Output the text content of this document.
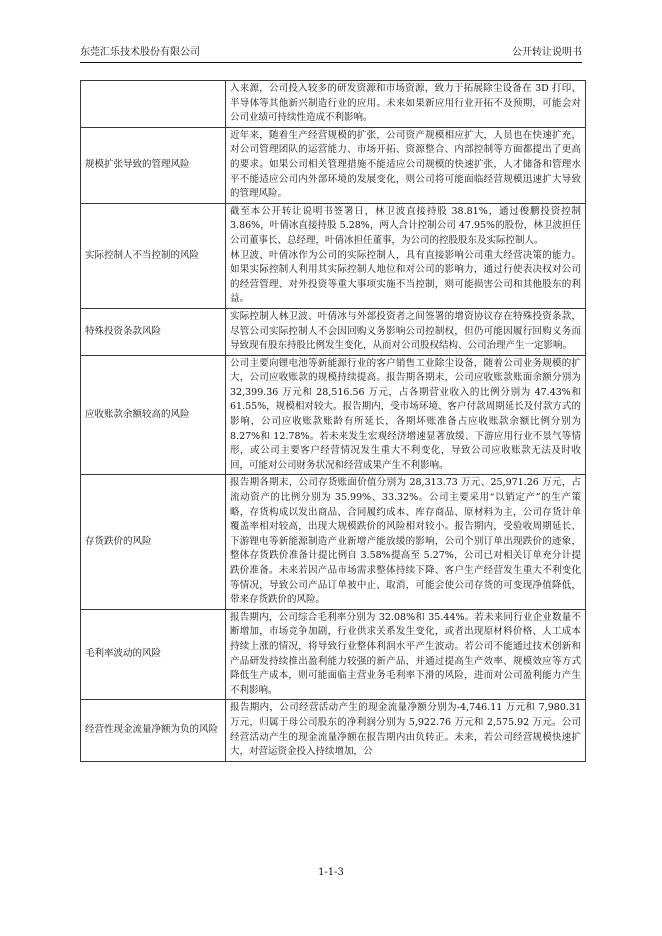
东莞汇乐技术股份有限公司	公开转让说明书

	入来源，公司投入较多的研发资源和市场资源，致力于拓展除尘设备在 3D 打印、半导体等其他新兴制造行业的应用。未来如果新应用行业开拓不及预期，可能会对公司业绩可持续性造成不利影响。

规模扩张导致的管理风险	近年来，随着生产经营规模的扩张，公司资产规模相应扩大，人员也在快速扩充，对公司管理团队的运营能力、市场开拓、资源整合、内部控制等方面都提出了更高的要求。如果公司相关管理措施不能适应公司规模的快速扩张，人才储备和管理水平不能适应公司内外部环境的发展变化，则公司将可能面临经营规模迅速扩大导致的管理风险。

实际控制人不当控制的风险	截至本公开转让说明书签署日，林卫波直接持股 38.81%，通过俊鹏投资控制 3.86%，叶倩冰直接持股 5.28%，两人合计控制公司 47.95%的股份，林卫波担任公司董事长、总经理，叶倩冰担任董事，为公司的控股股东及实际控制人。

林卫波、叶倩冰作为公司的实际控制人，具有直接影响公司重大经营决策的能力。如果实际控制人利用其实际控制人地位和对公司的影响力，通过行使表决权对公司的经营管理、对外投资等重大事项实施不当控制，则可能损害公司和其他股东的利益。

特殊投资条款风险	实际控制人林卫波、叶倩冰与外部投资者之间签署的增资协议存在特殊投资条款，尽管公司实际控制人不会因回购义务影响公司控制权，但仍可能因履行回购义务而导致现有股东持股比例发生变化，从而对公司股权结构、公司治理产生一定影响。

应收账款余额较高的风险	公司主要向锂电池等新能源行业的客户销售工业除尘设备，随着公司业务规模的扩大，公司应收账款的规模持续提高。报告期各期末，公司应收账款账面余额分别为 32,399.36 万元和 28,516.56 万元，占各期营业收入的比例分别为 47.43%和 61.55%，规模相对较大。报告期内，受市场环境、客户付款周期延长及付款方式的影响，公司应收账款账龄有所延长，各期坏账准备占应收账款余额比例分别为 8.27%和 12.78%。若未来发生宏观经济增速显著放缓、下游应用行业不景气等情形，或公司主要客户经营情况发生重大不利变化，导致公司应收账款无法及时收回，可能对公司财务状况和经营成果产生不利影响。

存货跌价的风险	报告期各期末，公司存货账面价值分别为 28,313.73 万元、25,971.26 万元，占流动资产的比例分别为 35.99%、33.32%。公司主要采用“以销定产”的生产策略，存货构成以发出商品、合同履约成本、库存商品、原材料为主，公司存货计单覆盖率相对较高，出现大规模跌价的风险相对较小。报告期内，受验收周期延长、下游锂电等新能源制造产业新增产能放缓的影响，公司个别订单出现跌价的迹象，整体存货跌价准备计提比例自 3.58%提高至 5.27%，公司已对相关订单充分计提跌价准备。未来若因产品市场需求整体持续下降、客户生产经营发生重大不利变化等情况，导致公司产品订单被中止、取消，可能会使公司存货的可变现净值降低，带来存货跌价的风险。

毛利率波动的风险	报告期内，公司综合毛利率分别为 32.08%和 35.44%。若未来同行业企业数量不断增加，市场竞争加剧，行业供求关系发生变化，或者出现原材料价格、人工成本持续上涨的情况，将导致行业整体利润水平产生波动。若公司不能通过技术创新和产品研发持续推出盈利能力较强的新产品，并通过提高生产效率、规模效应等方式降低生产成本，则可能面临主营业务毛利率下滑的风险，进而对公司盈利能力产生不利影响。

经营性现金流量净额为负的风险	报告期内，公司经营活动产生的现金流量净额分别为-4,746.11 万元和 7,980.31 万元，归属于母公司股东的净利润分别为 5,922.76 万元和 2,575.92 万元。公司经营活动产生的现金流量净额在报告期内由负转正。未来，若公司经营规模快速扩大，对营运资金投入持续增加，公

1-1-3
